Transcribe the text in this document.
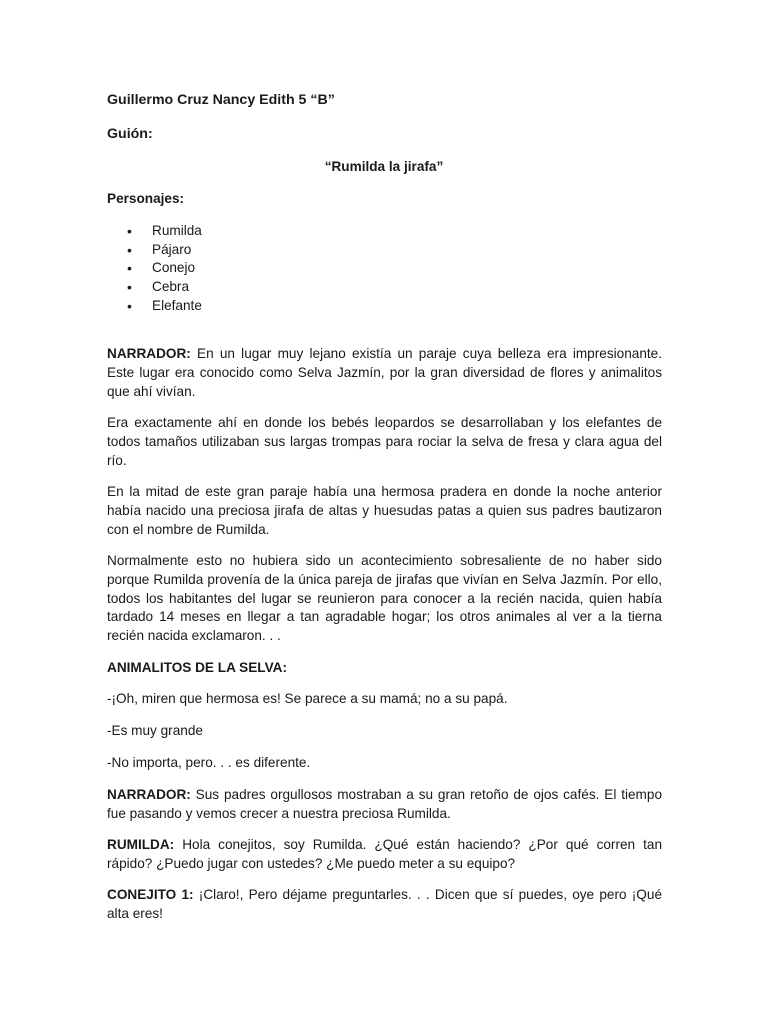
Guillermo Cruz Nancy Edith 5 “B”

Guión:

“Rumilda la jirafa”

Personajes:

• Rumilda
• Pájaro
• Conejo
• Cebra
• Elefante

NARRADOR: En un lugar muy lejano existía un paraje cuya belleza era impresionante. Este lugar era conocido como Selva Jazmín, por la gran diversidad de flores y animalitos que ahí vivían.

Era exactamente ahí en donde los bebés leopardos se desarrollaban y los elefantes de todos tamaños utilizaban sus largas trompas para rociar la selva de fresa y clara agua del río.

En la mitad de este gran paraje había una hermosa pradera en donde la noche anterior había nacido una preciosa jirafa de altas y huesudas patas a quien sus padres bautizaron con el nombre de Rumilda.

Normalmente esto no hubiera sido un acontecimiento sobresaliente de no haber sido porque Rumilda provenía de la única pareja de jirafas que vivían en Selva Jazmín. Por ello, todos los habitantes del lugar se reunieron para conocer a la recién nacida, quien había tardado 14 meses en llegar a tan agradable hogar; los otros animales al ver a la tierna recién nacida exclamaron. . .

ANIMALITOS DE LA SELVA:

-¡Oh, miren que hermosa es! Se parece a su mamá; no a su papá.

-Es muy grande

-No importa, pero. . . es diferente.

NARRADOR: Sus padres orgullosos mostraban a su gran retoño de ojos cafés. El tiempo fue pasando y vemos crecer a nuestra preciosa Rumilda.

RUMILDA: Hola conejitos, soy Rumilda. ¿Qué están haciendo? ¿Por qué corren tan rápido? ¿Puedo jugar con ustedes? ¿Me puedo meter a su equipo?

CONEJITO 1: ¡Claro!, Pero déjame preguntarles. . . Dicen que sí puedes, oye pero ¡Qué alta eres!
